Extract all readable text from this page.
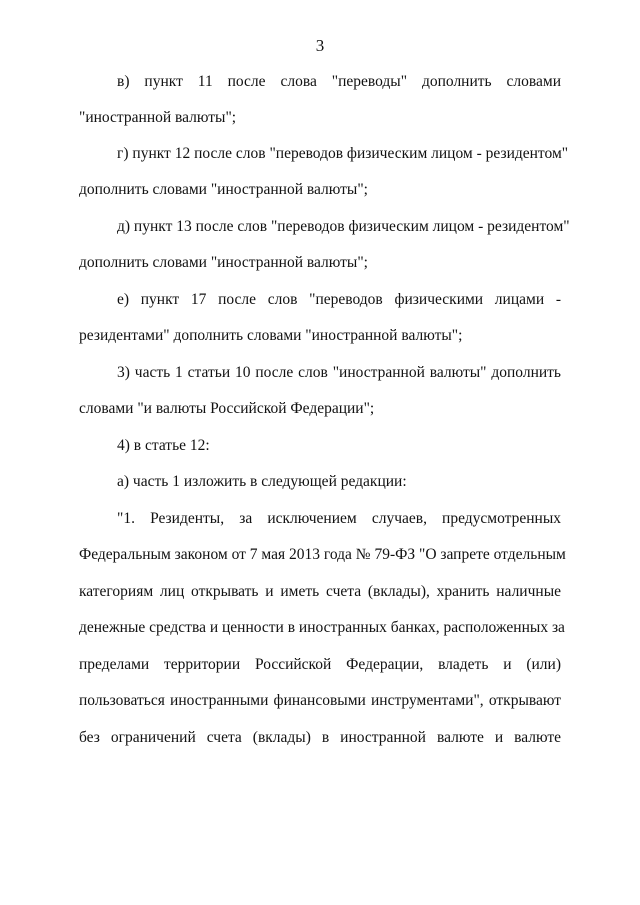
3
в) пункт 11 после слова "переводы" дополнить словами
"иностранной валюты";
г) пункт 12 после слов "переводов физическим лицом - резидентом"
дополнить словами "иностранной валюты";
д) пункт 13 после слов "переводов физическим лицом - резидентом"
дополнить словами "иностранной валюты";
е) пункт 17 после слов "переводов физическими лицами -
резидентами" дополнить словами "иностранной валюты";
3) часть 1 статьи 10 после слов "иностранной валюты" дополнить
словами "и валюты Российской Федерации";
4) в статье 12:
а) часть 1 изложить в следующей редакции:
"1. Резиденты, за исключением случаев, предусмотренных
Федеральным законом от 7 мая 2013 года № 79-ФЗ "О запрете отдельным
категориям лиц открывать и иметь счета (вклады), хранить наличные
денежные средства и ценности в иностранных банках, расположенных за
пределами территории Российской Федерации, владеть и (или)
пользоваться иностранными финансовыми инструментами", открывают
без ограничений счета (вклады) в иностранной валюте и валюте
